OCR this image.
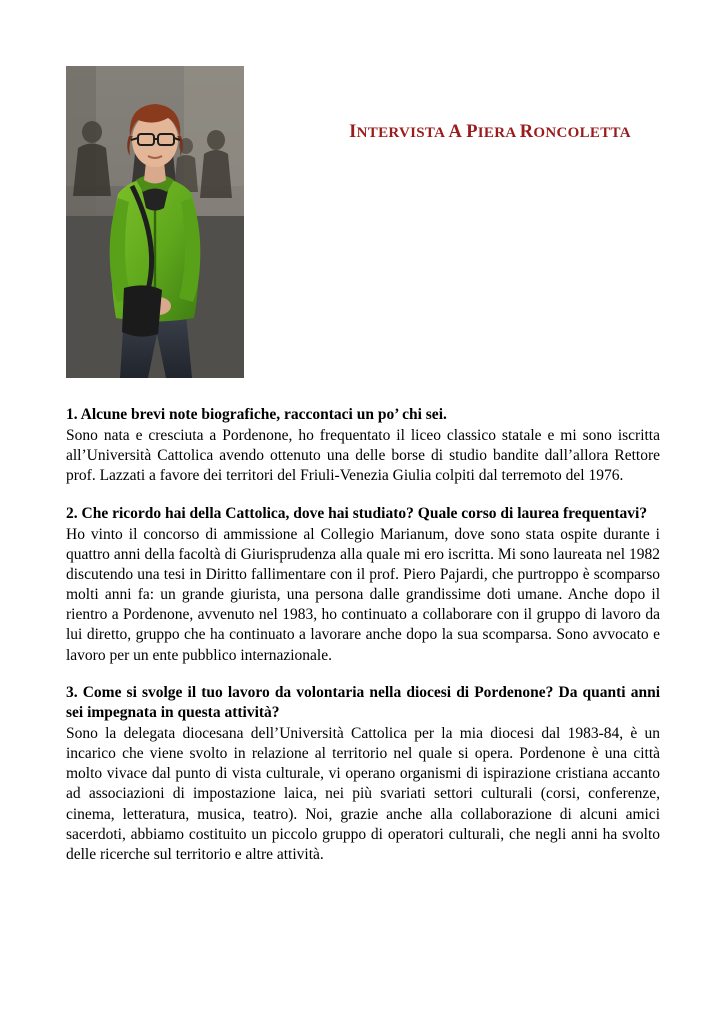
INTERVISTA A PIERA RONCOLETTA

1. Alcune brevi note biografiche, raccontaci un po’ chi sei.

Sono nata e cresciuta a Pordenone, ho frequentato il liceo classico statale e mi sono iscritta all’Università Cattolica avendo ottenuto una delle borse di studio bandite dall’allora Rettore prof. Lazzati a favore dei territori del Friuli-Venezia Giulia colpiti dal terremoto del 1976.

2. Che ricordo hai della Cattolica, dove hai studiato? Quale corso di laurea frequentavi?

Ho vinto il concorso di ammissione al Collegio Marianum, dove sono stata ospite durante i quattro anni della facoltà di Giurisprudenza alla quale mi ero iscritta. Mi sono laureata nel 1982 discutendo una tesi in Diritto fallimentare con il prof. Piero Pajardi, che purtroppo è scomparso molti anni fa: un grande giurista, una persona dalle grandissime doti umane. Anche dopo il rientro a Pordenone, avvenuto nel 1983, ho continuato a collaborare con il gruppo di lavoro da lui diretto, gruppo che ha continuato a lavorare anche dopo la sua scomparsa. Sono avvocato e lavoro per un ente pubblico internazionale.

3. Come si svolge il tuo lavoro da volontaria nella diocesi di Pordenone? Da quanti anni sei impegnata in questa attività?

Sono la delegata diocesana dell’Università Cattolica per la mia diocesi dal 1983-84, è un incarico che viene svolto in relazione al territorio nel quale si opera. Pordenone è una città molto vivace dal punto di vista culturale, vi operano organismi di ispirazione cristiana accanto ad associazioni di impostazione laica, nei più svariati settori culturali (corsi, conferenze, cinema, letteratura, musica, teatro). Noi, grazie anche alla collaborazione di alcuni amici sacerdoti, abbiamo costituito un piccolo gruppo di operatori culturali, che negli anni ha svolto delle ricerche sul territorio e altre attività.
